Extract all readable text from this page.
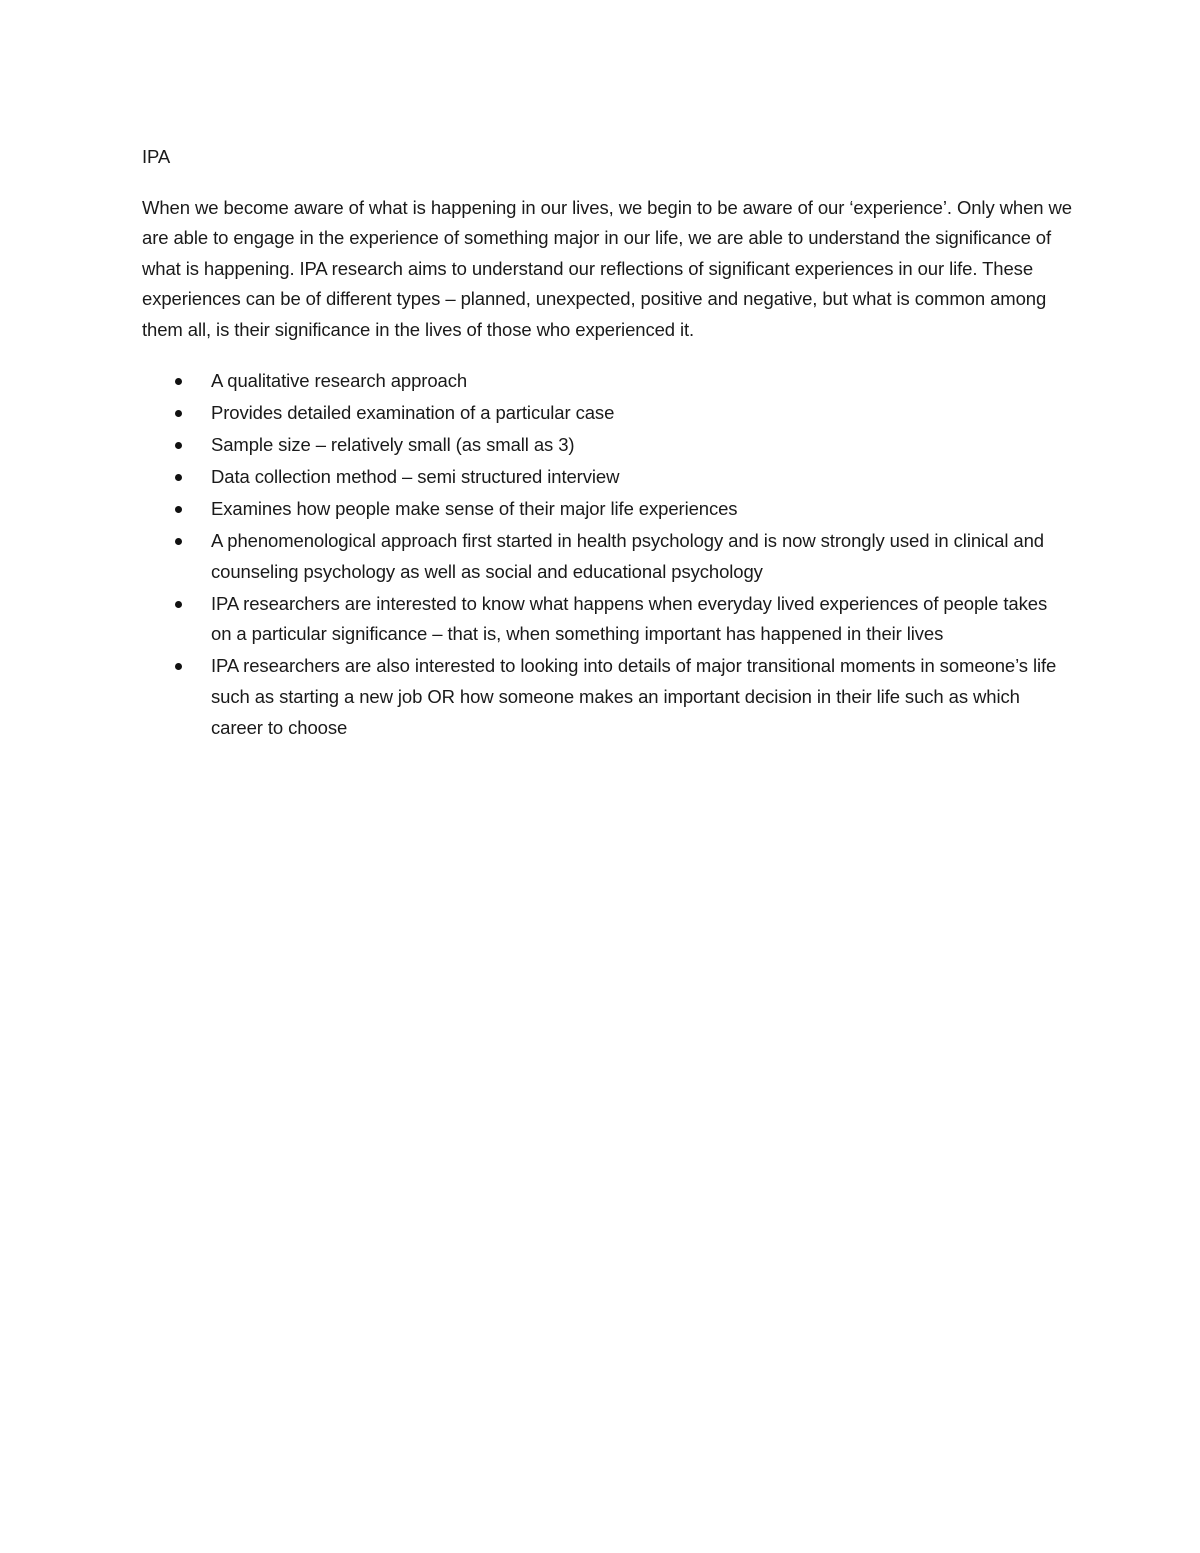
IPA

When we become aware of what is happening in our lives, we begin to be aware of our ‘experience’. Only when we are able to engage in the experience of something major in our life, we are able to understand the significance of what is happening. IPA research aims to understand our reflections of significant experiences in our life. These experiences can be of different types – planned, unexpected, positive and negative, but what is common among them all, is their significance in the lives of those who experienced it.

A qualitative research approach
Provides detailed examination of a particular case
Sample size – relatively small (as small as 3)
Data collection method – semi structured interview
Examines how people make sense of their major life experiences
A phenomenological approach first started in health psychology and is now strongly used in clinical and counseling psychology as well as social and educational psychology
IPA researchers are interested to know what happens when everyday lived experiences of people takes on a particular significance – that is, when something important has happened in their lives
IPA researchers are also interested to looking into details of major transitional moments in someone’s life such as starting a new job OR how someone makes an important decision in their life such as which career to choose
